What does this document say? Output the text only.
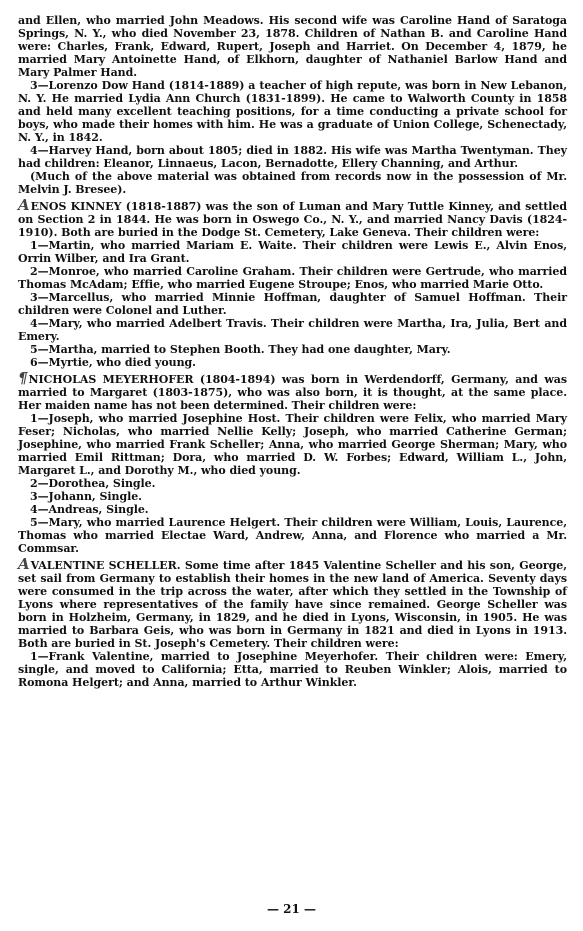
and Ellen, who married John Meadows. His second wife was Caroline Hand of Saratoga Springs, N. Y., who died November 23, 1878. Children of Nathan B. and Caroline Hand were: Charles, Frank, Edward, Rupert, Joseph and Harriet. On December 4, 1879, he married Mary Antoinette Hand, of Elkhorn, daughter of Nathaniel Barlow Hand and Mary Palmer Hand.

3—Lorenzo Dow Hand (1814-1889) a teacher of high repute, was born in New Lebanon, N. Y. He married Lydia Ann Church (1831-1899). He came to Walworth County in 1858 and held many excellent teaching positions, for a time conducting a private school for boys, who made their homes with him. He was a graduate of Union College, Schenectady, N. Y., in 1842.

4—Harvey Hand, born about 1805; died in 1882. His wife was Martha Twentyman. They had children: Eleanor, Linnaeus, Lacon, Bernadotte, Ellery Channing, and Arthur.

(Much of the above material was obtained from records now in the possession of Mr. Melvin J. Bresee).

AENOS KINNEY (1818-1887) was the son of Luman and Mary Tuttle Kinney, and settled on Section 2 in 1844. He was born in Oswego Co., N. Y., and married Nancy Davis (1824-1910). Both are buried in the Dodge St. Cemetery, Lake Geneva. Their children were:

1—Martin, who married Mariam E. Waite. Their children were Lewis E., Alvin Enos, Orrin Wilber, and Ira Grant.

2—Monroe, who married Caroline Graham. Their children were Gertrude, who married Thomas McAdam; Effie, who married Eugene Stroupe; Enos, who married Marie Otto.

3—Marcellus, who married Minnie Hoffman, daughter of Samuel Hoffman. Their children were Colonel and Luther.

4—Mary, who married Adelbert Travis. Their children were Martha, Ira, Julia, Bert and Emery.

5—Martha, married to Stephen Booth. They had one daughter, Mary.

6—Myrtie, who died young.

¶NICHOLAS MEYERHOFER (1804-1894) was born in Werdendorff, Germany, and was married to Margaret (1803-1875), who was also born, it is thought, at the same place. Her maiden name has not been determined. Their children were:

1—Joseph, who married Josephine Host. Their children were Felix, who married Mary Feser; Nicholas, who married Nellie Kelly; Joseph, who married Catherine German; Josephine, who married Frank Scheller; Anna, who married George Sherman; Mary, who married Emil Rittman; Dora, who married D. W. Forbes; Edward, William L., John, Margaret L., and Dorothy M., who died young.

2—Dorothea, Single.

3—Johann, Single.

4—Andreas, Single.

5—Mary, who married Laurence Helgert. Their children were William, Louis, Laurence, Thomas who married Electae Ward, Andrew, Anna, and Florence who married a Mr. Commsar.

AVALENTINE SCHELLER. Some time after 1845 Valentine Scheller and his son, George, set sail from Germany to establish their homes in the new land of America. Seventy days were consumed in the trip across the water, after which they settled in the Township of Lyons where representatives of the family have since remained. George Scheller was born in Holzheim, Germany, in 1829, and he died in Lyons, Wisconsin, in 1905. He was married to Barbara Geis, who was born in Germany in 1821 and died in Lyons in 1913. Both are buried in St. Joseph's Cemetery. Their children were:

1—Frank Valentine, married to Josephine Meyerhofer. Their children were: Emery, single, and moved to California; Etta, married to Reuben Winkler; Alois, married to Romona Helgert; and Anna, married to Arthur Winkler.

— 21 —
